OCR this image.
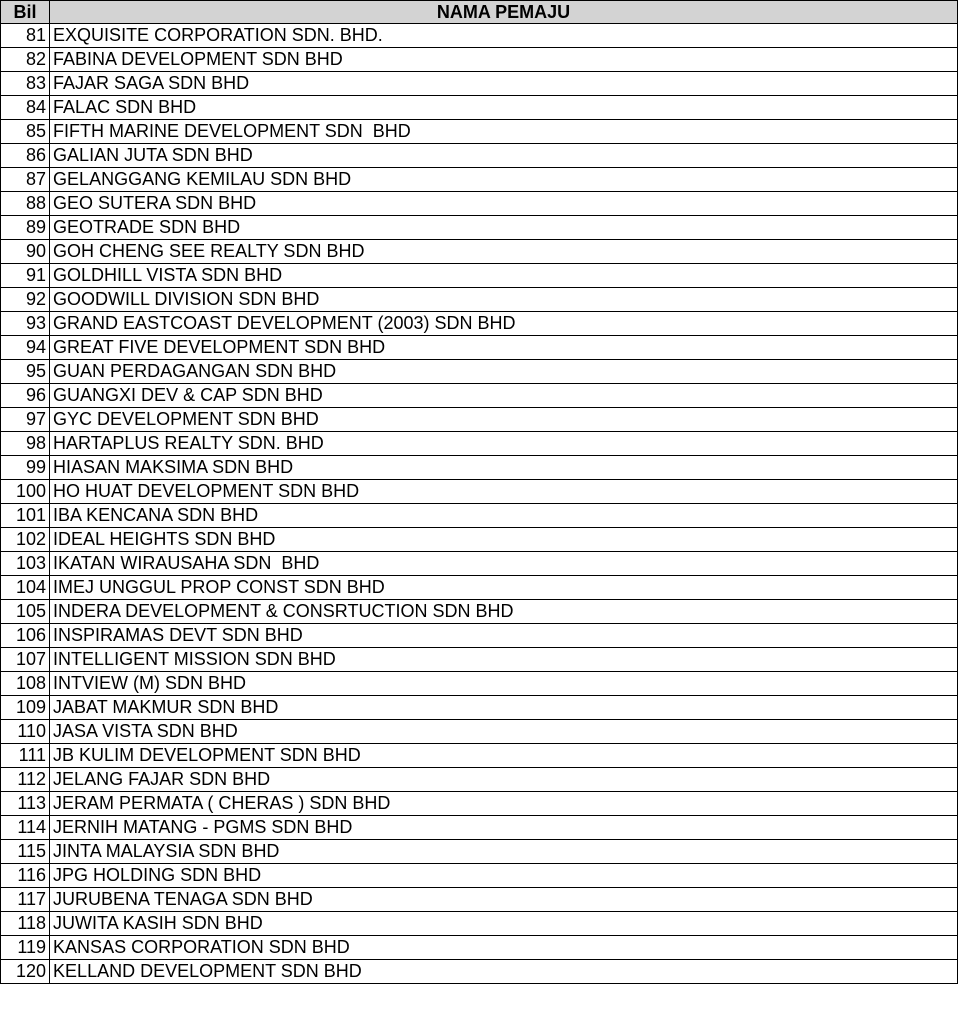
Bil	NAMA PEMAJU
81	EXQUISITE CORPORATION SDN. BHD.
82	FABINA DEVELOPMENT SDN BHD
83	FAJAR SAGA SDN BHD
84	FALAC SDN BHD
85	FIFTH MARINE DEVELOPMENT SDN  BHD
86	GALIAN JUTA SDN BHD
87	GELANGGANG KEMILAU SDN BHD
88	GEO SUTERA SDN BHD
89	GEOTRADE SDN BHD
90	GOH CHENG SEE REALTY SDN BHD
91	GOLDHILL VISTA SDN BHD
92	GOODWILL DIVISION SDN BHD
93	GRAND EASTCOAST DEVELOPMENT (2003) SDN BHD
94	GREAT FIVE DEVELOPMENT SDN BHD
95	GUAN PERDAGANGAN SDN BHD
96	GUANGXI DEV & CAP SDN BHD
97	GYC DEVELOPMENT SDN BHD
98	HARTAPLUS REALTY SDN. BHD
99	HIASAN MAKSIMA SDN BHD
100	HO HUAT DEVELOPMENT SDN BHD
101	IBA KENCANA SDN BHD
102	IDEAL HEIGHTS SDN BHD
103	IKATAN WIRAUSAHA SDN  BHD
104	IMEJ UNGGUL PROP CONST SDN BHD
105	INDERA DEVELOPMENT & CONSRTUCTION SDN BHD
106	INSPIRAMAS DEVT SDN BHD
107	INTELLIGENT MISSION SDN BHD
108	INTVIEW (M) SDN BHD
109	JABAT MAKMUR SDN BHD
110	JASA VISTA SDN BHD
111	JB KULIM DEVELOPMENT SDN BHD
112	JELANG FAJAR SDN BHD
113	JERAM PERMATA ( CHERAS ) SDN BHD
114	JERNIH MATANG - PGMS SDN BHD
115	JINTA MALAYSIA SDN BHD
116	JPG HOLDING SDN BHD
117	JURUBENA TENAGA SDN BHD
118	JUWITA KASIH SDN BHD
119	KANSAS CORPORATION SDN BHD
120	KELLAND DEVELOPMENT SDN BHD
